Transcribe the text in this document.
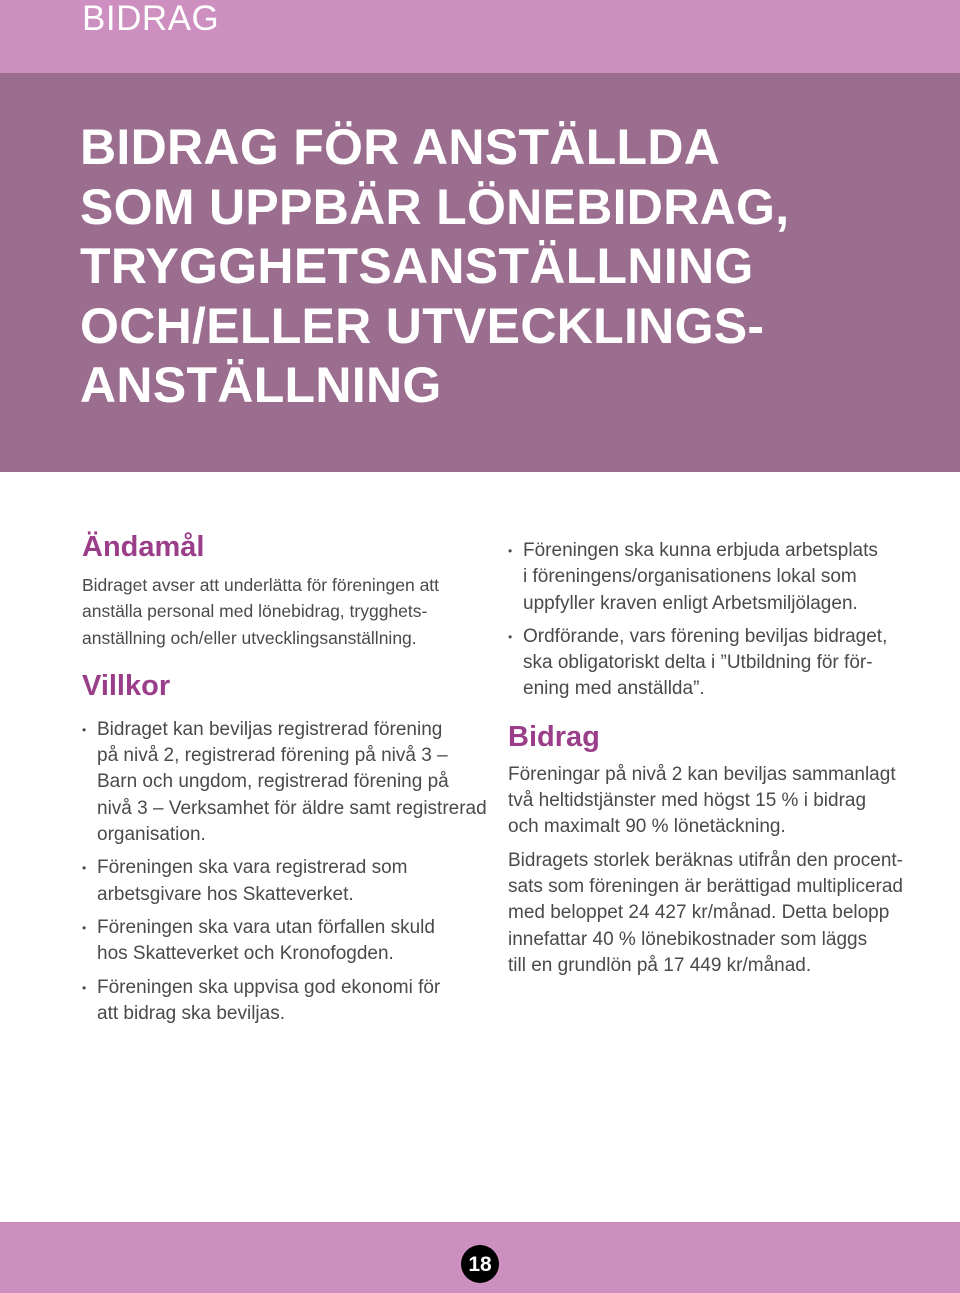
BIDRAG
BIDRAG FÖR ANSTÄLLDA
SOM UPPBÄR LÖNEBIDRAG,
TRYGGHETSANSTÄLLNING
OCH/ELLER UTVECKLINGS-
ANSTÄLLNING
Ändamål

Bidraget avser att underlätta för föreningen att
anställa personal med lönebidrag, trygghets-
anställning och/eller utvecklingsanställning.

Villkor
• Bidraget kan beviljas registrerad förening
på nivå 2, registrerad förening på nivå 3 –
Barn och ungdom, registrerad förening på
nivå 3 – Verksamhet för äldre samt registrerad
organisation.
• Föreningen ska vara registrerad som
arbetsgivare hos Skatteverket.
• Föreningen ska vara utan förfallen skuld
hos Skatteverket och Kronofogden.
• Föreningen ska uppvisa god ekonomi för
att bidrag ska beviljas.
• Föreningen ska kunna erbjuda arbetsplats
i föreningens/organisationens lokal som
uppfyller kraven enligt Arbetsmiljölagen.
• Ordförande, vars förening beviljas bidraget,
ska obligatoriskt delta i ”Utbildning för för-
ening med anställda”.
Bidrag

Föreningar på nivå 2 kan beviljas sammanlagt
två heltidstjänster med högst 15 % i bidrag
och maximalt 90 % lönetäckning.

Bidragets storlek beräknas utifrån den procent-
sats som föreningen är berättigad multiplicerad
med beloppet 24 427 kr/månad. Detta belopp
innefattar 40 % lönebikostnader som läggs
till en grundlön på 17 449 kr/månad.

18
